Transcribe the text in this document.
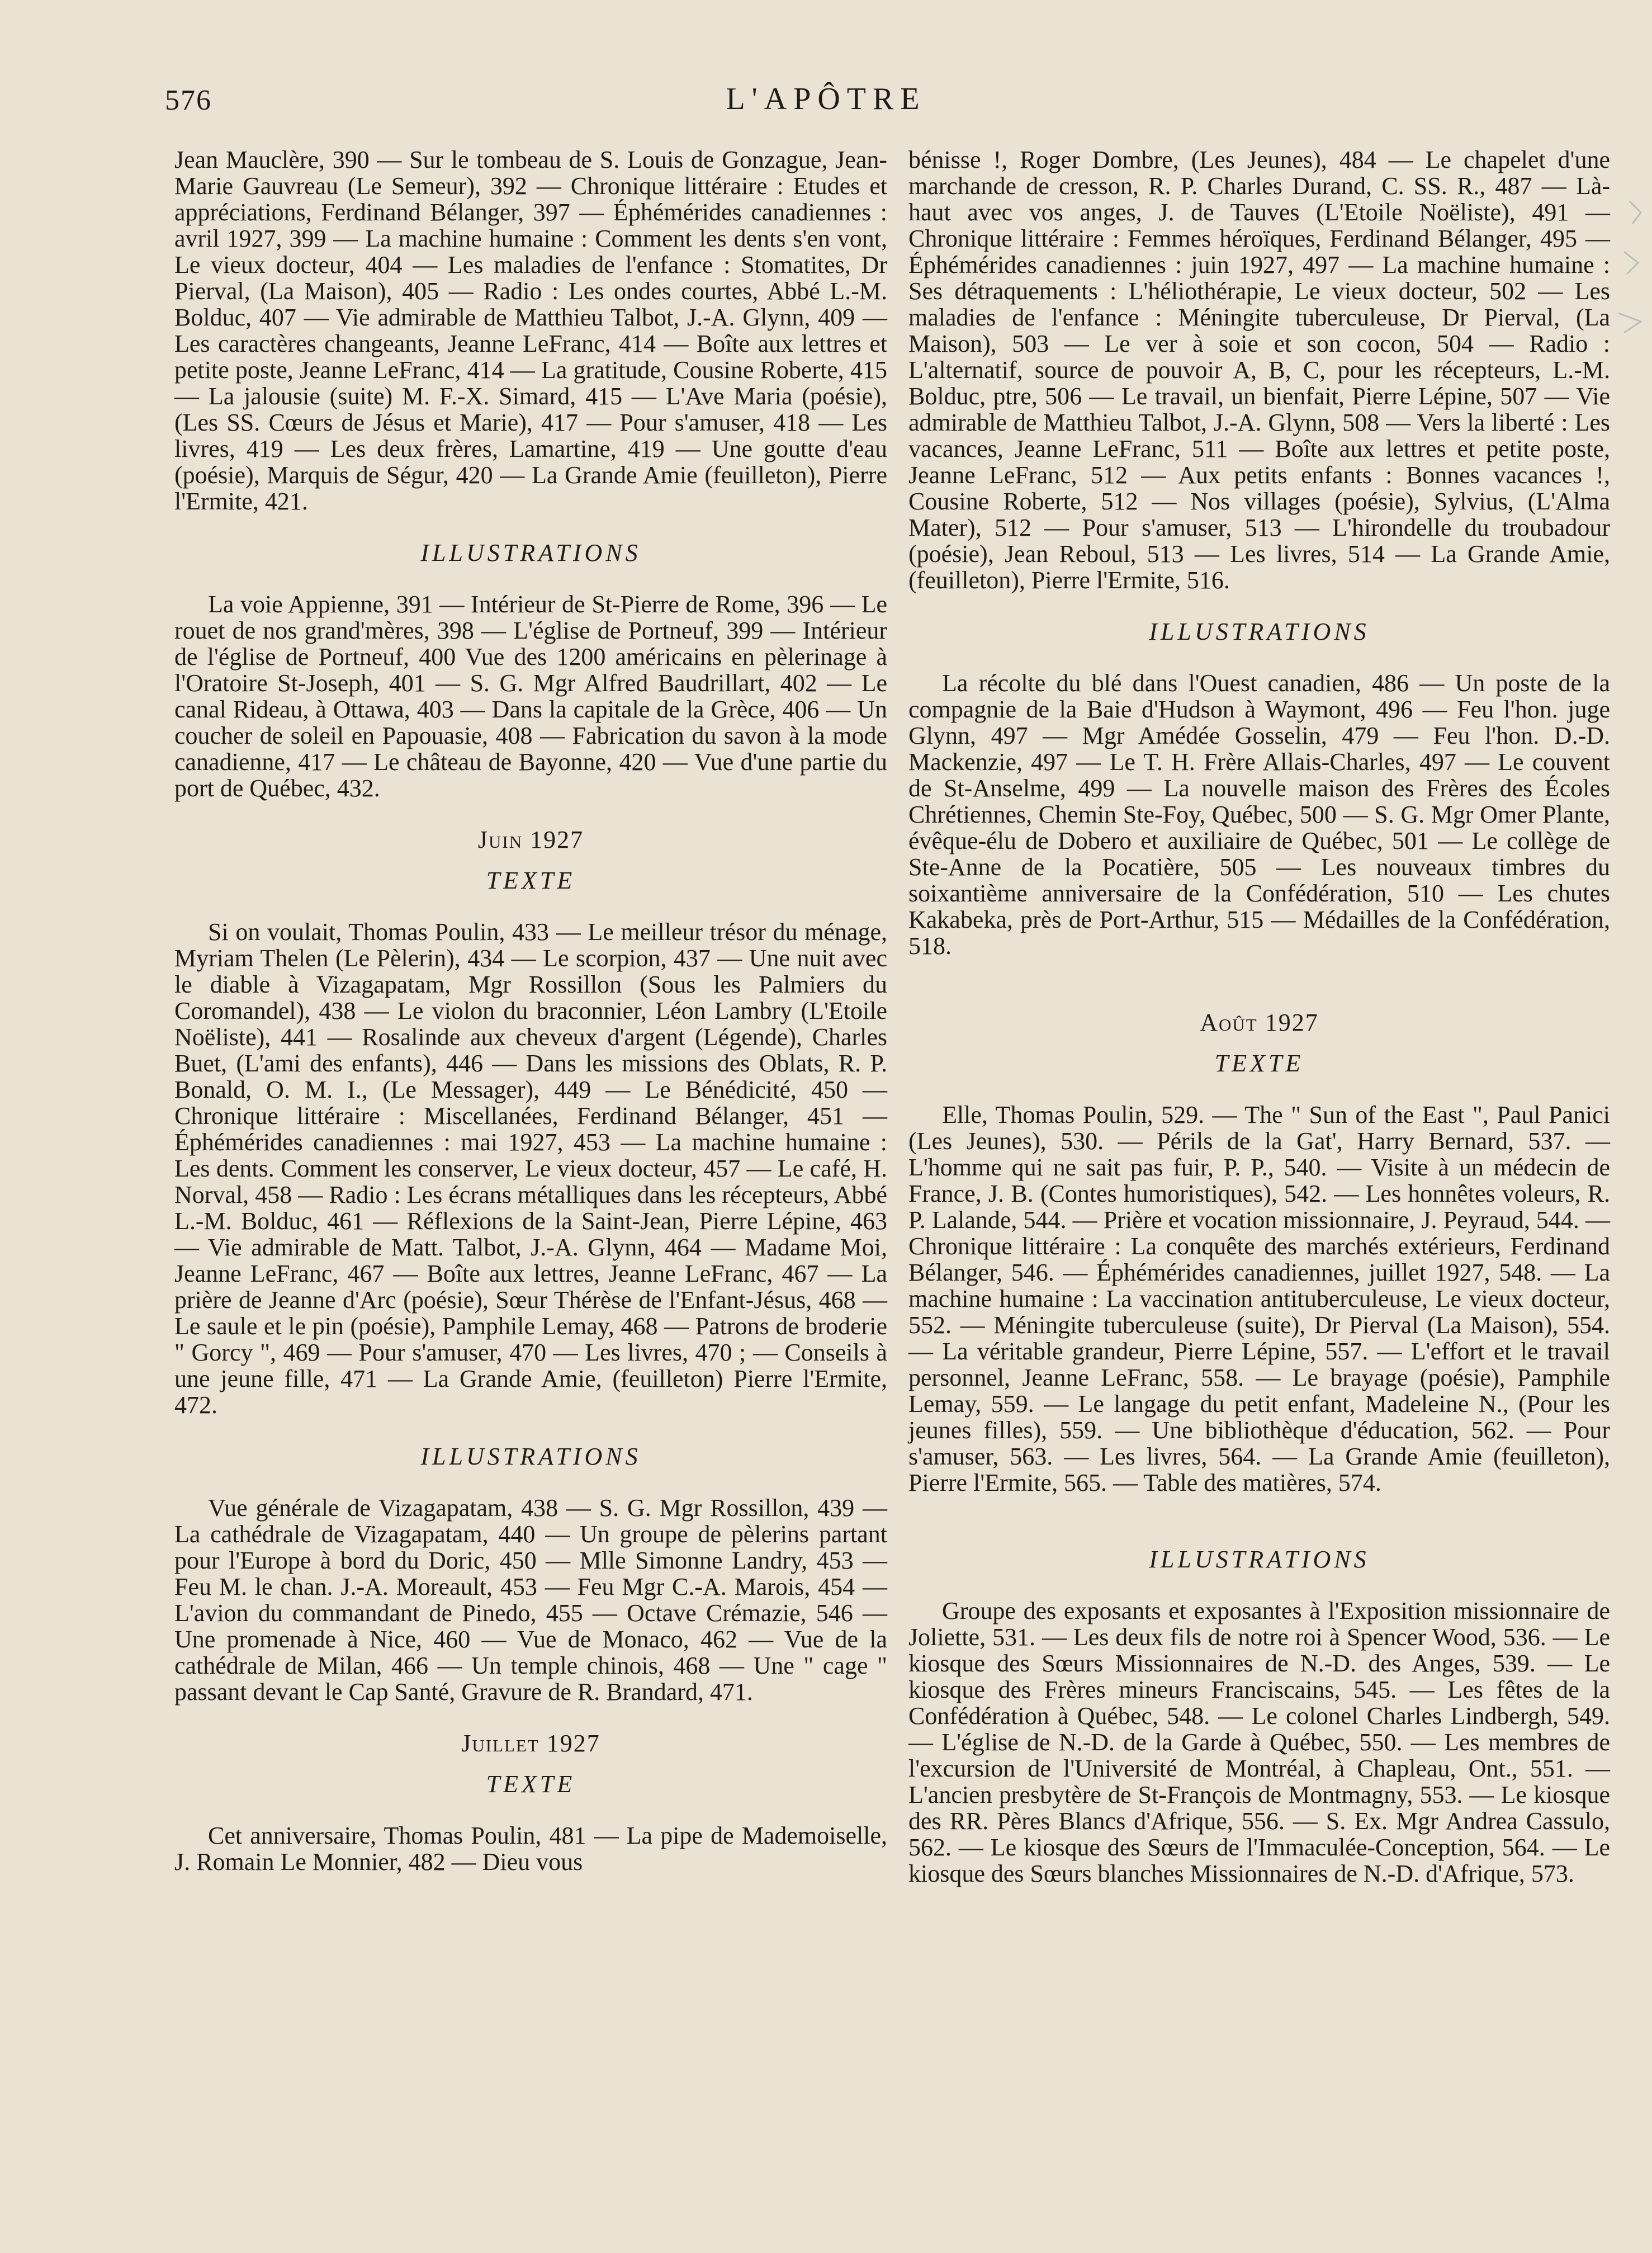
576	L'APÔTRE

Jean Mauclère, 390 — Sur le tombeau de S. Louis de Gonzague, Jean-Marie Gauvreau (Le Semeur), 392 — Chronique littéraire : Etudes et appréciations, Ferdinand Bélanger, 397 — Éphémérides canadiennes : avril 1927, 399 — La machine humaine : Comment les dents s'en vont, Le vieux docteur, 404 — Les maladies de l'enfance : Stomatites, Dr Pierval, (La Maison), 405 — Radio : Les ondes courtes, Abbé L.-M. Bolduc, 407 — Vie admirable de Matthieu Talbot, J.-A. Glynn, 409 — Les caractères changeants, Jeanne LeFranc, 414 — Boîte aux lettres et petite poste, Jeanne LeFranc, 414 — La gratitude, Cousine Roberte, 415 — La jalousie (suite) M. F.-X. Simard, 415 — L'Ave Maria (poésie), (Les SS. Cœurs de Jésus et Marie), 417 — Pour s'amuser, 418 — Les livres, 419 — Les deux frères, Lamartine, 419 — Une goutte d'eau (poésie), Marquis de Ségur, 420 — La Grande Amie (feuilleton), Pierre l'Ermite, 421.

ILLUSTRATIONS

La voie Appienne, 391 — Intérieur de St-Pierre de Rome, 396 — Le rouet de nos grand'mères, 398 — L'église de Portneuf, 399 — Intérieur de l'église de Portneuf, 400 Vue des 1200 américains en pèlerinage à l'Oratoire St-Joseph, 401 — S. G. Mgr Alfred Baudrillart, 402 — Le canal Rideau, à Ottawa, 403 — Dans la capitale de la Grèce, 406 — Un coucher de soleil en Papouasie, 408 — Fabrication du savon à la mode canadienne, 417 — Le château de Bayonne, 420 — Vue d'une partie du port de Québec, 432.

Juin 1927
TEXTE

Si on voulait, Thomas Poulin, 433 — Le meilleur trésor du ménage, Myriam Thelen (Le Pèlerin), 434 — Le scorpion, 437 — Une nuit avec le diable à Vizagapatam, Mgr Rossillon (Sous les Palmiers du Coromandel), 438 — Le violon du braconnier, Léon Lambry (L'Etoile Noëliste), 441 — Rosalinde aux cheveux d'argent (Légende), Charles Buet, (L'ami des enfants), 446 — Dans les missions des Oblats, R. P. Bonald, O. M. I., (Le Messager), 449 — Le Bénédicité, 450 — Chronique littéraire : Miscellanées, Ferdinand Bélanger, 451 — Éphémérides canadiennes : mai 1927, 453 — La machine humaine : Les dents. Comment les conserver, Le vieux docteur, 457 — Le café, H. Norval, 458 — Radio : Les écrans métalliques dans les récepteurs, Abbé L.-M. Bolduc, 461 — Réflexions de la Saint-Jean, Pierre Lépine, 463 — Vie admirable de Matt. Talbot, J.-A. Glynn, 464 — Madame Moi, Jeanne LeFranc, 467 — Boîte aux lettres, Jeanne LeFranc, 467 — La prière de Jeanne d'Arc (poésie), Sœur Thérèse de l'Enfant-Jésus, 468 — Le saule et le pin (poésie), Pamphile Lemay, 468 — Patrons de broderie " Gorcy ", 469 — Pour s'amuser, 470 — Les livres, 470 ; — Conseils à une jeune fille, 471 — La Grande Amie, (feuilleton) Pierre l'Ermite, 472.

ILLUSTRATIONS

Vue générale de Vizagapatam, 438 — S. G. Mgr Rossillon, 439 — La cathédrale de Vizagapatam, 440 — Un groupe de pèlerins partant pour l'Europe à bord du Doric, 450 — Mlle Simonne Landry, 453 — Feu M. le chan. J.-A. Moreault, 453 — Feu Mgr C.-A. Marois, 454 — L'avion du commandant de Pinedo, 455 — Octave Crémazie, 546 — Une promenade à Nice, 460 — Vue de Monaco, 462 — Vue de la cathédrale de Milan, 466 — Un temple chinois, 468 — Une " cage " passant devant le Cap Santé, Gravure de R. Brandard, 471.

Juillet 1927
TEXTE

Cet anniversaire, Thomas Poulin, 481 — La pipe de Mademoiselle, J. Romain Le Monnier, 482 — Dieu vous

bénisse !, Roger Dombre, (Les Jeunes), 484 — Le chapelet d'une marchande de cresson, R. P. Charles Durand, C. SS. R., 487 — Là-haut avec vos anges, J. de Tauves (L'Etoile Noëliste), 491 — Chronique littéraire : Femmes héroïques, Ferdinand Bélanger, 495 — Éphémérides canadiennes : juin 1927, 497 — La machine humaine : Ses détraquements : L'héliothérapie, Le vieux docteur, 502 — Les maladies de l'enfance : Méningite tuberculeuse, Dr Pierval, (La Maison), 503 — Le ver à soie et son cocon, 504 — Radio : L'alternatif, source de pouvoir A, B, C, pour les récepteurs, L.-M. Bolduc, ptre, 506 — Le travail, un bienfait, Pierre Lépine, 507 — Vie admirable de Matthieu Talbot, J.-A. Glynn, 508 — Vers la liberté : Les vacances, Jeanne LeFranc, 511 — Boîte aux lettres et petite poste, Jeanne LeFranc, 512 — Aux petits enfants : Bonnes vacances !, Cousine Roberte, 512 — Nos villages (poésie), Sylvius, (L'Alma Mater), 512 — Pour s'amuser, 513 — L'hirondelle du troubadour (poésie), Jean Reboul, 513 — Les livres, 514 — La Grande Amie, (feuilleton), Pierre l'Ermite, 516.

ILLUSTRATIONS

La récolte du blé dans l'Ouest canadien, 486 — Un poste de la compagnie de la Baie d'Hudson à Waymont, 496 — Feu l'hon. juge Glynn, 497 — Mgr Amédée Gosselin, 479 — Feu l'hon. D.-D. Mackenzie, 497 — Le T. H. Frère Allais-Charles, 497 — Le couvent de St-Anselme, 499 — La nouvelle maison des Frères des Écoles Chrétiennes, Chemin Ste-Foy, Québec, 500 — S. G. Mgr Omer Plante, évêque-élu de Dobero et auxiliaire de Québec, 501 — Le collège de Ste-Anne de la Pocatière, 505 — Les nouveaux timbres du soixantième anniversaire de la Confédération, 510 — Les chutes Kakabeka, près de Port-Arthur, 515 — Médailles de la Confédération, 518.

Août 1927
TEXTE

Elle, Thomas Poulin, 529. — The " Sun of the East ", Paul Panici (Les Jeunes), 530. — Périls de la Gat', Harry Bernard, 537. — L'homme qui ne sait pas fuir, P. P., 540. — Visite à un médecin de France, J. B. (Contes humoristiques), 542. — Les honnêtes voleurs, R. P. Lalande, 544. — Prière et vocation missionnaire, J. Peyraud, 544. — Chronique littéraire : La conquête des marchés extérieurs, Ferdinand Bélanger, 546. — Éphémérides canadiennes, juillet 1927, 548. — La machine humaine : La vaccination antituberculeuse, Le vieux docteur, 552. — Méningite tuberculeuse (suite), Dr Pierval (La Maison), 554. — La véritable grandeur, Pierre Lépine, 557. — L'effort et le travail personnel, Jeanne LeFranc, 558. — Le brayage (poésie), Pamphile Lemay, 559. — Le langage du petit enfant, Madeleine N., (Pour les jeunes filles), 559. — Une bibliothèque d'éducation, 562. — Pour s'amuser, 563. — Les livres, 564. — La Grande Amie (feuilleton), Pierre l'Ermite, 565. — Table des matières, 574.

ILLUSTRATIONS

Groupe des exposants et exposantes à l'Exposition missionnaire de Joliette, 531. — Les deux fils de notre roi à Spencer Wood, 536. — Le kiosque des Sœurs Missionnaires de N.-D. des Anges, 539. — Le kiosque des Frères mineurs Franciscains, 545. — Les fêtes de la Confédération à Québec, 548. — Le colonel Charles Lindbergh, 549. — L'église de N.-D. de la Garde à Québec, 550. — Les membres de l'excursion de l'Université de Montréal, à Chapleau, Ont., 551. — L'ancien presbytère de St-François de Montmagny, 553. — Le kiosque des RR. Pères Blancs d'Afrique, 556. — S. Ex. Mgr Andrea Cassulo, 562. — Le kiosque des Sœurs de l'Immaculée-Conception, 564. — Le kiosque des Sœurs blanches Missionnaires de N.-D. d'Afrique, 573.
